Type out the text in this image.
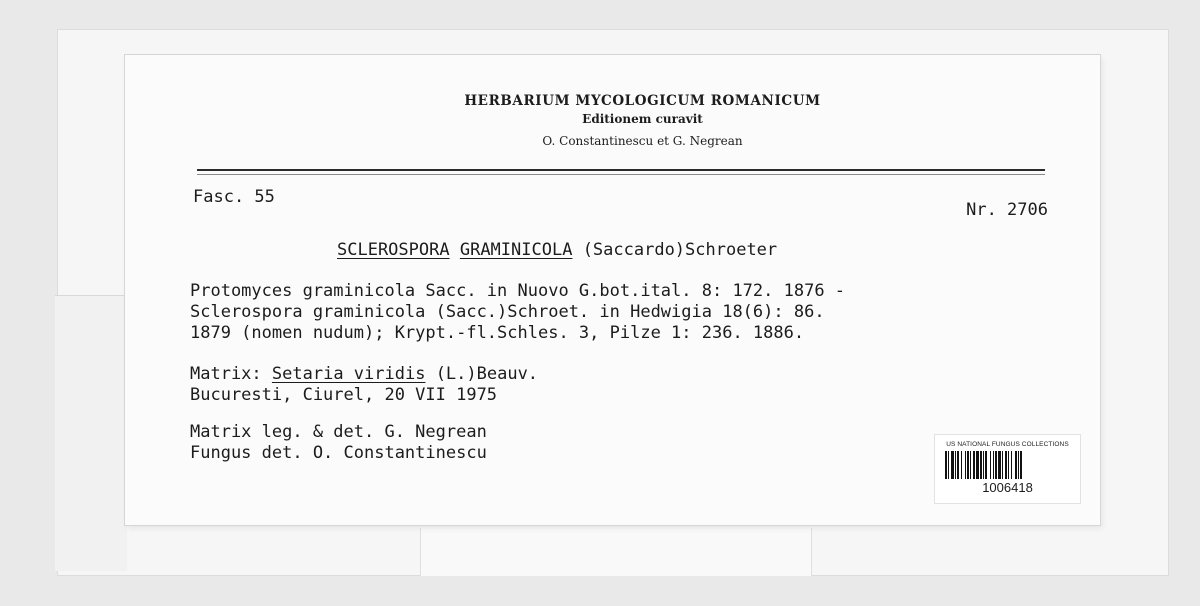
HERBARIUM MYCOLOGICUM ROMANICUM
Editionem curavit
O. Constantinescu et G. Negrean
Fasc. 55
Nr. 2706
SCLEROSPORA GRAMINICOLA (Saccardo)Schroeter
Protomyces graminicola Sacc. in Nuovo G.bot.ital. 8: 172. 1876 -
Sclerospora graminicola (Sacc.)Schroet. in Hedwigia 18(6): 86.
1879 (nomen nudum); Krypt.-fl.Schles. 3, Pilze 1: 236. 1886.
Matrix: Setaria viridis (L.)Beauv.
Bucuresti, Ciurel, 20 VII 1975
Matrix leg. & det. G. Negrean
Fungus det. O. Constantinescu	US NATIONAL FUNGUS COLLECTIONS
1006418
